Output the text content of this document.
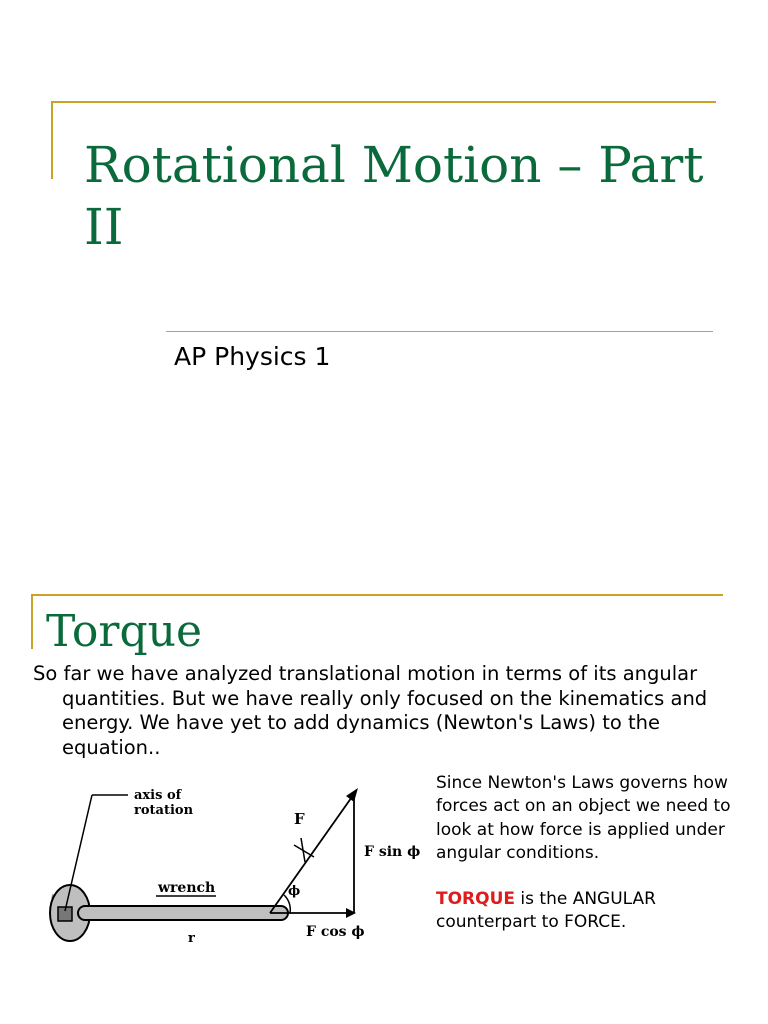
Rotational Motion – Part II
AP Physics 1
Torque
So far we have analyzed translational motion in terms of its angular quantities. But we have really only focused on the kinematics and energy. We have yet to add dynamics (Newton's Laws) to the equation..
axis of
rotation
wrench
r
F
F cos ϕ
F sin ϕ
ϕ

Since Newton's Laws governs how forces act on an object we need to look at how force is applied under angular conditions.

TORQUE is the ANGULAR counterpart to FORCE.
